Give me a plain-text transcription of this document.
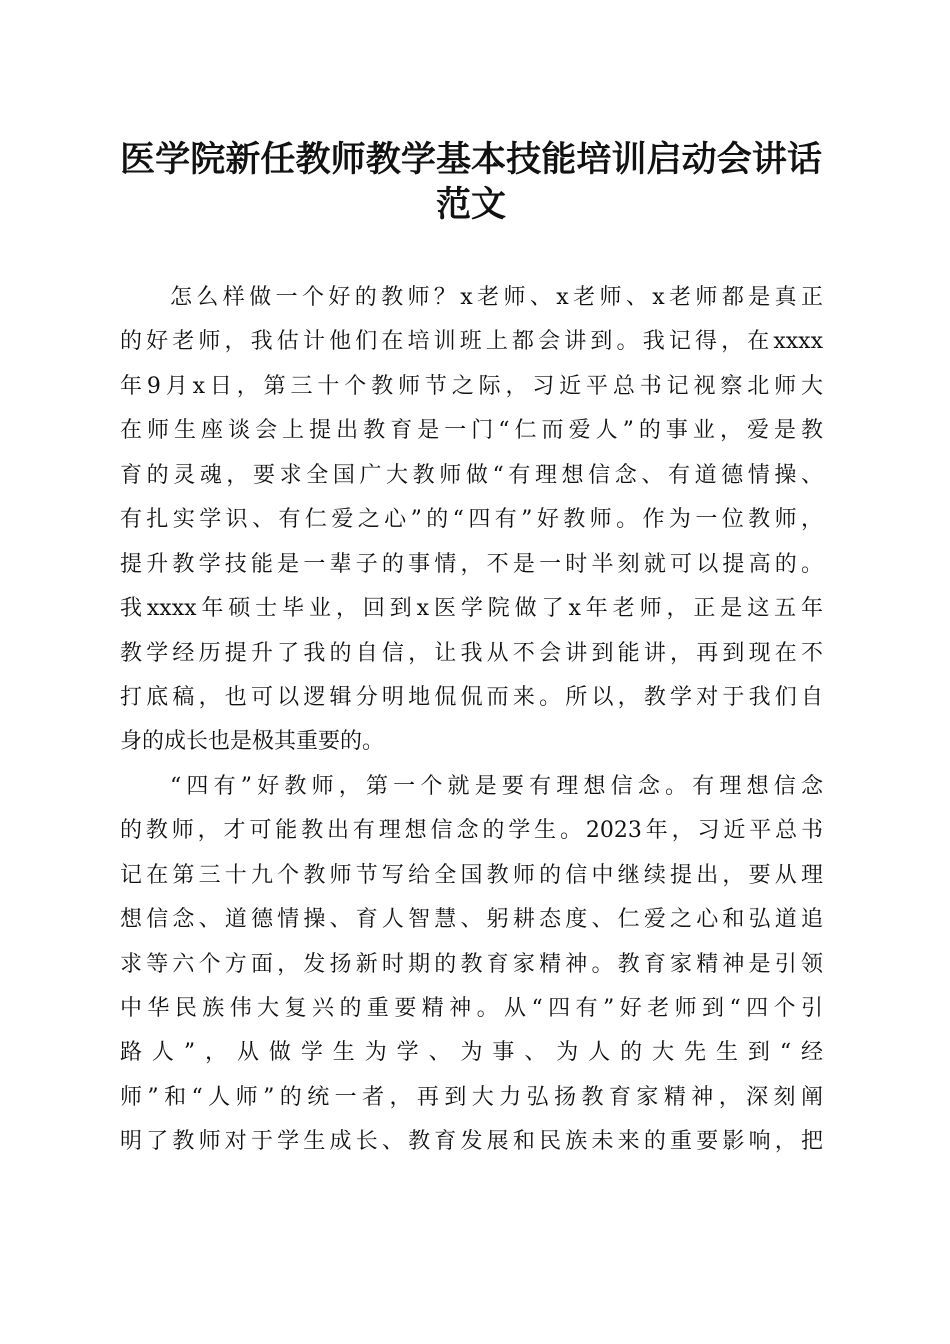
医学院新任教师教学基本技能培训启动会讲话
范文
怎么样做一个好的教师？x老师、x老师、x老师都是真正
的好老师，我估计他们在培训班上都会讲到。我记得，在xxxx
年9月x日，第三十个教师节之际，习近平总书记视察北师大
在师生座谈会上提出教育是一门“仁而爱人”的事业，爱是教
育的灵魂，要求全国广大教师做“有理想信念、有道德情操、
有扎实学识、有仁爱之心”的“四有”好教师。作为一位教师，
提升教学技能是一辈子的事情，不是一时半刻就可以提高的。
我xxxx年硕士毕业，回到x医学院做了x年老师，正是这五年
教学经历提升了我的自信，让我从不会讲到能讲，再到现在不
打底稿，也可以逻辑分明地侃侃而来。所以，教学对于我们自
身的成长也是极其重要的。
“四有”好教师，第一个就是要有理想信念。有理想信念
的教师，才可能教出有理想信念的学生。2023年，习近平总书
记在第三十九个教师节写给全国教师的信中继续提出，要从理
想信念、道德情操、育人智慧、躬耕态度、仁爱之心和弘道追
求等六个方面，发扬新时期的教育家精神。教育家精神是引领
中华民族伟大复兴的重要精神。从“四有”好老师到“四个引
路人”，从做学生为学、为事、为人的大先生到“经
师”和“人师”的统一者，再到大力弘扬教育家精神，深刻阐
明了教师对于学生成长、教育发展和民族未来的重要影响，把
